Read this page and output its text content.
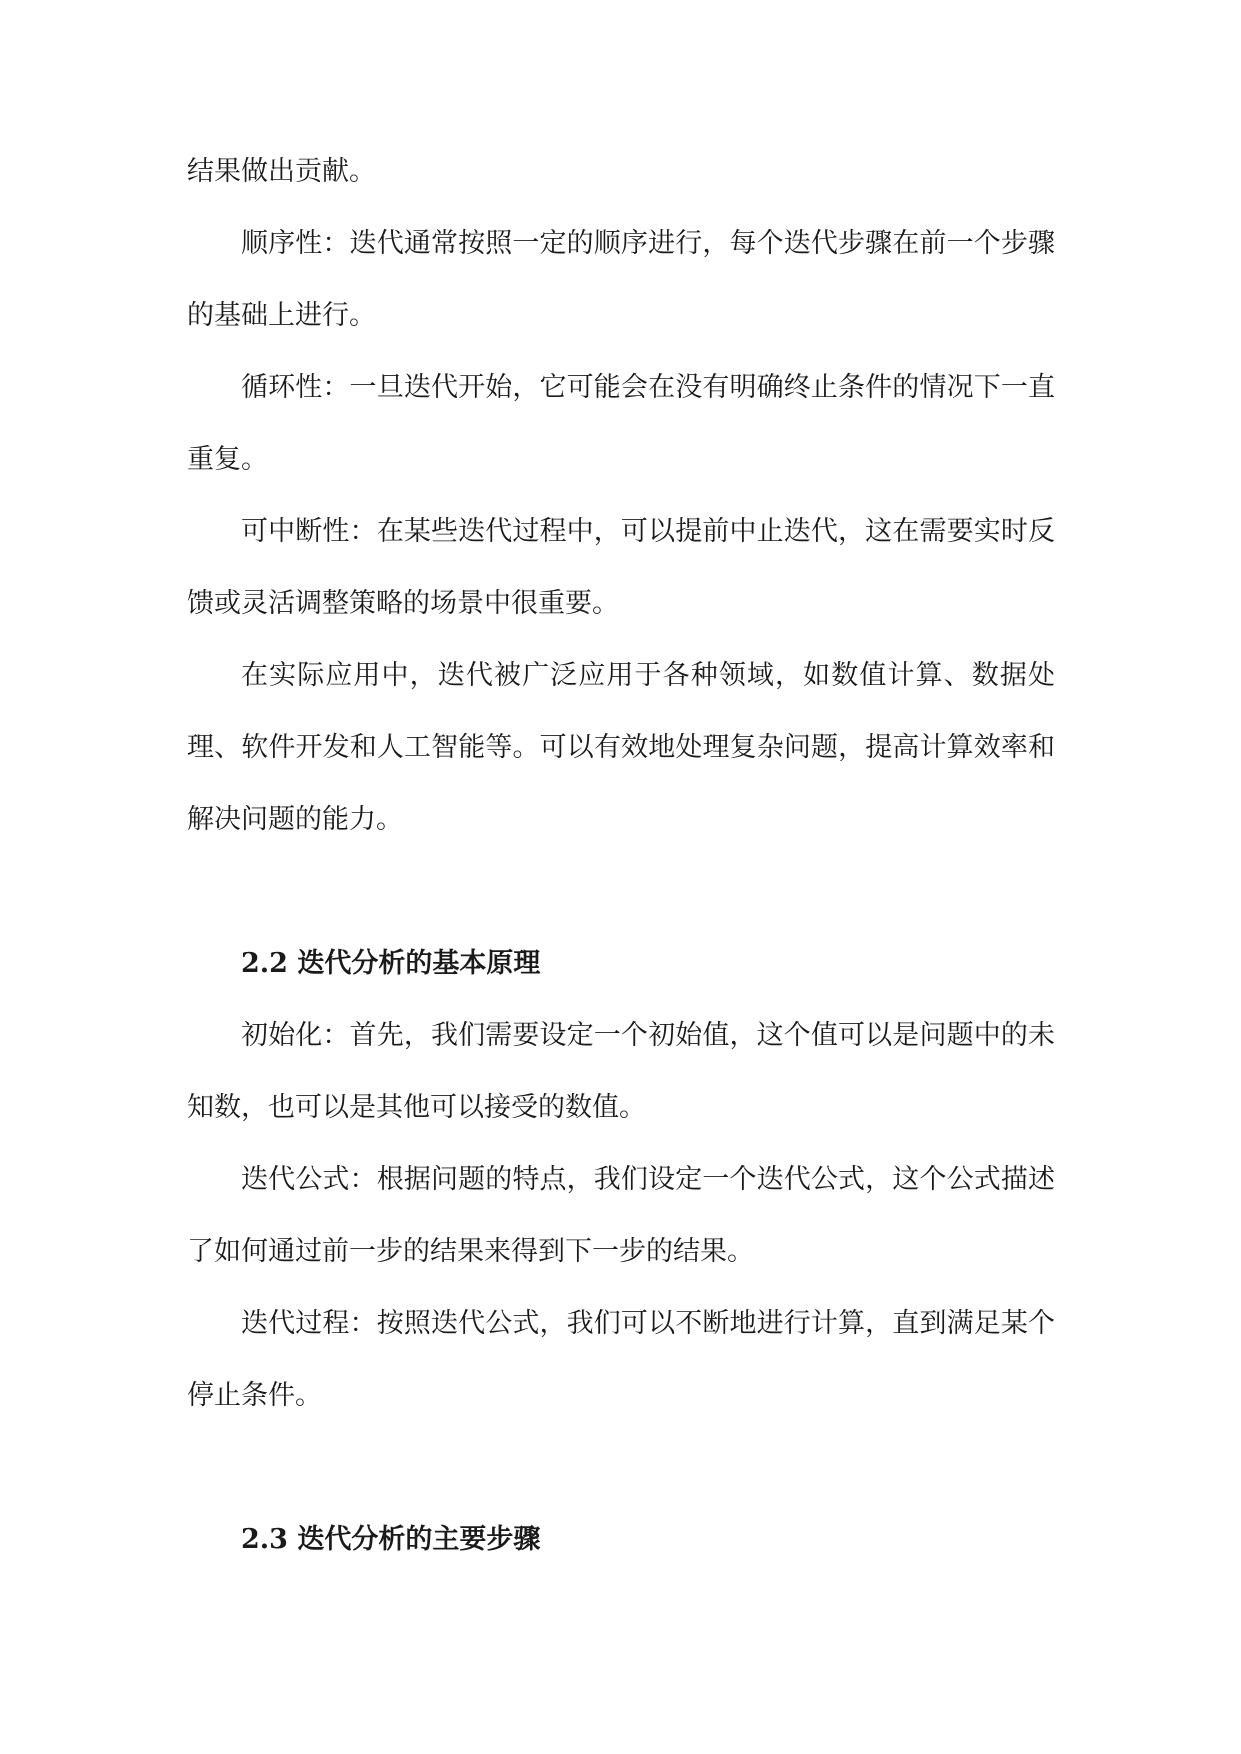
结果做出贡献。

顺序性：迭代通常按照一定的顺序进行，每个迭代步骤在前一个步骤的基础上进行。

循环性：一旦迭代开始，它可能会在没有明确终止条件的情况下一直重复。

可中断性：在某些迭代过程中，可以提前中止迭代，这在需要实时反馈或灵活调整策略的场景中很重要。

在实际应用中，迭代被广泛应用于各种领域，如数值计算、数据处理、软件开发和人工智能等。可以有效地处理复杂问题，提高计算效率和解决问题的能力。

2.2 迭代分析的基本原理

初始化：首先，我们需要设定一个初始值，这个值可以是问题中的未知数，也可以是其他可以接受的数值。

迭代公式：根据问题的特点，我们设定一个迭代公式，这个公式描述了如何通过前一步的结果来得到下一步的结果。

迭代过程：按照迭代公式，我们可以不断地进行计算，直到满足某个停止条件。

2.3 迭代分析的主要步骤
